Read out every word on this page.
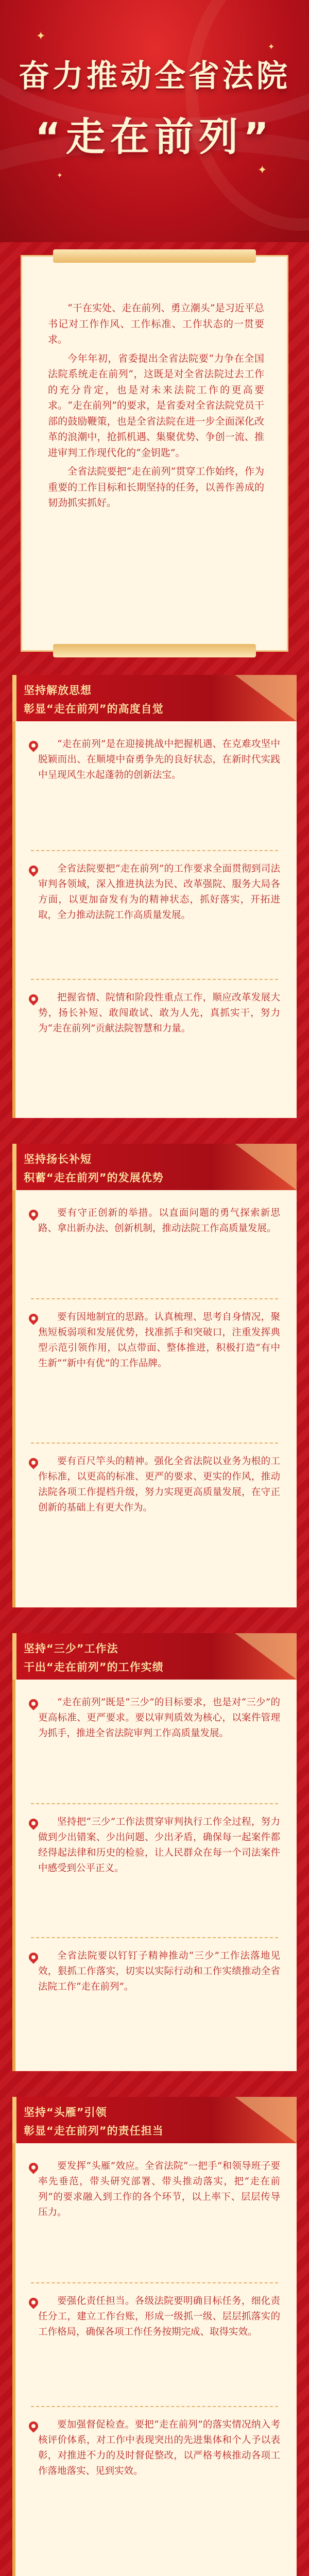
✦
✦
✦	✦
奋力推动全省法院
“走在前列”

“干在实处、走在前列、勇立潮头”是习近平总书记对工作作风、工作标准、工作状态的一贯要求。

今年年初，省委提出全省法院要“力争在全国法院系统走在前列”，这既是对全省法院过去工作的充分肯定，也是对未来法院工作的更高要求。“走在前列”的要求，是省委对全省法院党员干部的鼓励鞭策，也是全省法院在进一步全面深化改革的浪潮中，抢抓机遇、集聚优势、争创一流、推进审判工作现代化的“金钥匙”。

全省法院要把“走在前列”贯穿工作始终，作为重要的工作目标和长期坚持的任务，以善作善成的韧劲抓实抓好。

坚持解放思想
彰显“走在前列”的高度自觉

“走在前列”是在迎接挑战中把握机遇、在克难攻坚中脱颖而出、在顺境中奋勇争先的良好状态，在新时代实践中呈现风生水起蓬勃的创新法宝。

全省法院要把“走在前列”的工作要求全面贯彻到司法审判各领域，深入推进执法为民、改革强院、服务大局各方面，以更加奋发有为的精神状态，抓好落实，开拓进取，全力推动法院工作高质量发展。

把握省情、院情和阶段性重点工作，顺应改革发展大势，扬长补短、敢闯敢试、敢为人先，真抓实干，努力为“走在前列”贡献法院智慧和力量。

坚持扬长补短
积蓄“走在前列”的发展优势

要有守正创新的举措。以直面问题的勇气探索新思路、拿出新办法、创新机制，推动法院工作高质量发展。

要有因地制宜的思路。认真梳理、思考自身情况，聚焦短板弱项和发展优势，找准抓手和突破口，注重发挥典型示范引领作用，以点带面、整体推进，积极打造“有中生新”“新中有优”的工作品牌。

要有百尺竿头的精神。强化全省法院以业务为根的工作标准，以更高的标准、更严的要求、更实的作风，推动法院各项工作提档升级，努力实现更高质量发展，在守正创新的基础上有更大作为。

坚持“三少”工作法
干出“走在前列”的工作实绩

“走在前列”既是“三少”的目标要求，也是对“三少”的更高标准、更严要求。要以审判质效为核心，以案件管理为抓手，推进全省法院审判工作高质量发展。

坚持把“三少”工作法贯穿审判执行工作全过程，努力做到少出错案、少出问题、少出矛盾，确保每一起案件都经得起法律和历史的检验，让人民群众在每一个司法案件中感受到公平正义。

全省法院要以钉钉子精神推动“三少”工作法落地见效，狠抓工作落实，切实以实际行动和工作实绩推动全省法院工作“走在前列”。

坚持“头雁”引领
彰显“走在前列”的责任担当

要发挥“头雁”效应。全省法院“一把手”和领导班子要率先垂范，带头研究部署、带头推动落实，把“走在前列”的要求融入到工作的各个环节，以上率下、层层传导压力。

要强化责任担当。各级法院要明确目标任务，细化责任分工，建立工作台账，形成一级抓一级、层层抓落实的工作格局，确保各项工作任务按期完成、取得实效。

要加强督促检查。要把“走在前列”的落实情况纳入考核评价体系，对工作中表现突出的先进集体和个人予以表彰，对推进不力的及时督促整改，以严格考核推动各项工作落地落实、见到实效。
